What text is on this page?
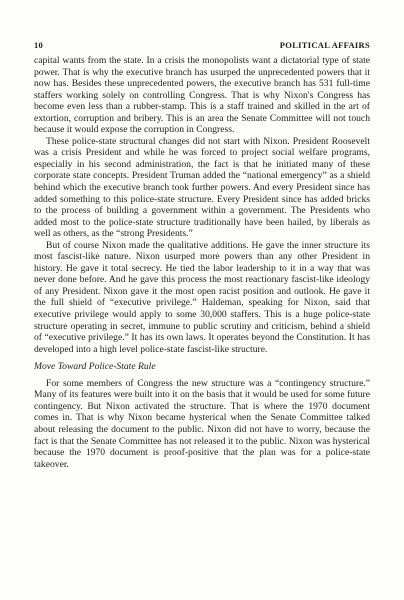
10	POLITICAL AFFAIRS

capital wants from the state. In a crisis the monopolists want a dictatorial type of state power. That is why the executive branch has usurped the unprecedented powers that it now has. Besides these unprecedented powers, the executive branch has 531 full-time staffers working solely on controlling Congress. That is why Nixon's Congress has become even less than a rubber-stamp. This is a staff trained and skilled in the art of extortion, corruption and bribery. This is an area the Senate Committee will not touch because it would expose the corruption in Congress.

These police-state structural changes did not start with Nixon. President Roosevelt was a crisis President and while he was forced to project social welfare programs, especially in his second administration, the fact is that he initiated many of these corporate state concepts. President Truman added the “national emergency” as a shield behind which the executive branch took further powers. And every President since has added something to this police-state structure. Every President since has added bricks to the process of building a government within a government. The Presidents who added most to the police-state structure traditionally have been hailed, by liberals as well as others, as the “strong Presidents.”

But of course Nixon made the qualitative additions. He gave the inner structure its most fascist-like nature. Nixon usurped more powers than any other President in history. He gave it total secrecy. He tied the labor leadership to it in a way that was never done before. And he gave this process the most reactionary fascist-like ideology of any President. Nixon gave it the most open racist position and outlook. He gave it the full shield of “executive privilege.” Haldeman, speaking for Nixon, said that executive privilege would apply to some 30,000 staffers. This is a huge police-state structure operating in secret, immune to public scrutiny and criticism, behind a shield of “executive privilege.” It has its own laws. It operates beyond the Constitution. It has developed into a high level police-state fascist-like structure.

Move Toward Police-State Rule

For some members of Congress the new structure was a “contingency structure.” Many of its features were built into it on the basis that it would be used for some future contingency. But Nixon activated the structure. That is where the 1970 document comes in. That is why Nixon became hysterical when the Senate Committee talked about releasing the document to the public. Nixon did not have to worry, because the fact is that the Senate Committee has not released it to the public. Nixon was hysterical because the 1970 document is proof-positive that the plan was for a police-state takeover.
